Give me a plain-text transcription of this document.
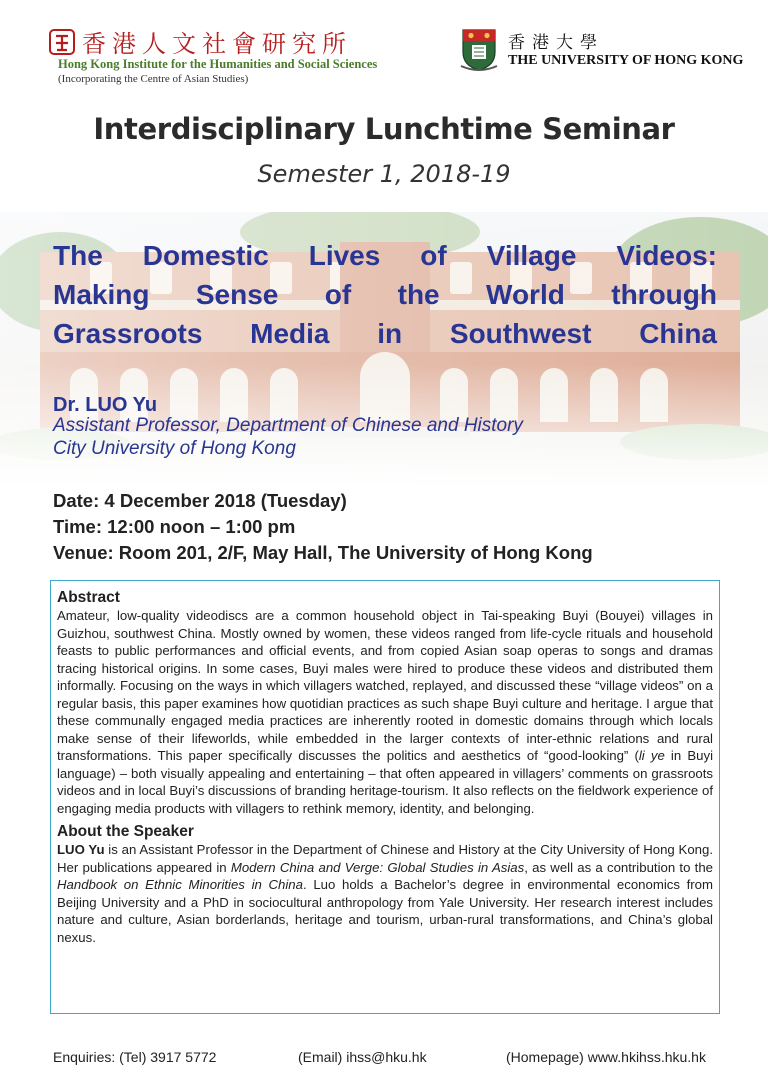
香港人文社會研究所
Hong Kong Institute for the Humanities and Social Sciences
(Incorporating the Centre of Asian Studies)
香港大學
THE UNIVERSITY OF HONG KONG
Interdisciplinary Lunchtime Seminar
Semester 1, 2018-19
The Domestic Lives of Village Videos:
Making Sense of the World through
Grassroots Media in Southwest China
Dr. LUO Yu
Assistant Professor, Department of Chinese and History
City University of Hong Kong
Date: 4 December 2018 (Tuesday)
Time: 12:00 noon – 1:00 pm
Venue: Room 201, 2/F, May Hall, The University of Hong Kong
Abstract

Amateur, low-quality videodiscs are a common household object in Tai-speaking Buyi (Bouyei) villages in Guizhou, southwest China. Mostly owned by women, these videos ranged from life-cycle rituals and household feasts to public performances and official events, and from copied Asian soap operas to songs and dramas tracing historical origins. In some cases, Buyi males were hired to produce these videos and distributed them informally. Focusing on the ways in which villagers watched, replayed, and discussed these “village videos” on a regular basis, this paper examines how quotidian practices as such shape Buyi culture and heritage. I argue that these communally engaged media practices are inherently rooted in domestic domains through which locals make sense of their lifeworlds, while embedded in the larger contexts of inter-ethnic relations and rural transformations. This paper specifically discusses the politics and aesthetics of “good-looking” (li ye in Buyi language) – both visually appealing and entertaining – that often appeared in villagers’ comments on grassroots videos and in local Buyi’s discussions of branding heritage-tourism. It also reflects on the fieldwork experience of engaging media products with villagers to rethink memory, identity, and belonging.

About the Speaker

LUO Yu is an Assistant Professor in the Department of Chinese and History at the City University of Hong Kong. Her publications appeared in Modern China and Verge: Global Studies in Asias, as well as a contribution to the Handbook on Ethnic Minorities in China. Luo holds a Bachelor’s degree in environmental economics from Beijing University and a PhD in sociocultural anthropology from Yale University. Her research interest includes nature and culture, Asian borderlands, heritage and tourism, urban-rural transformations, and China’s global nexus.

Enquiries: (Tel) 3917 5772	(Email) ihss@hku.hk	(Homepage) www.hkihss.hku.hk
